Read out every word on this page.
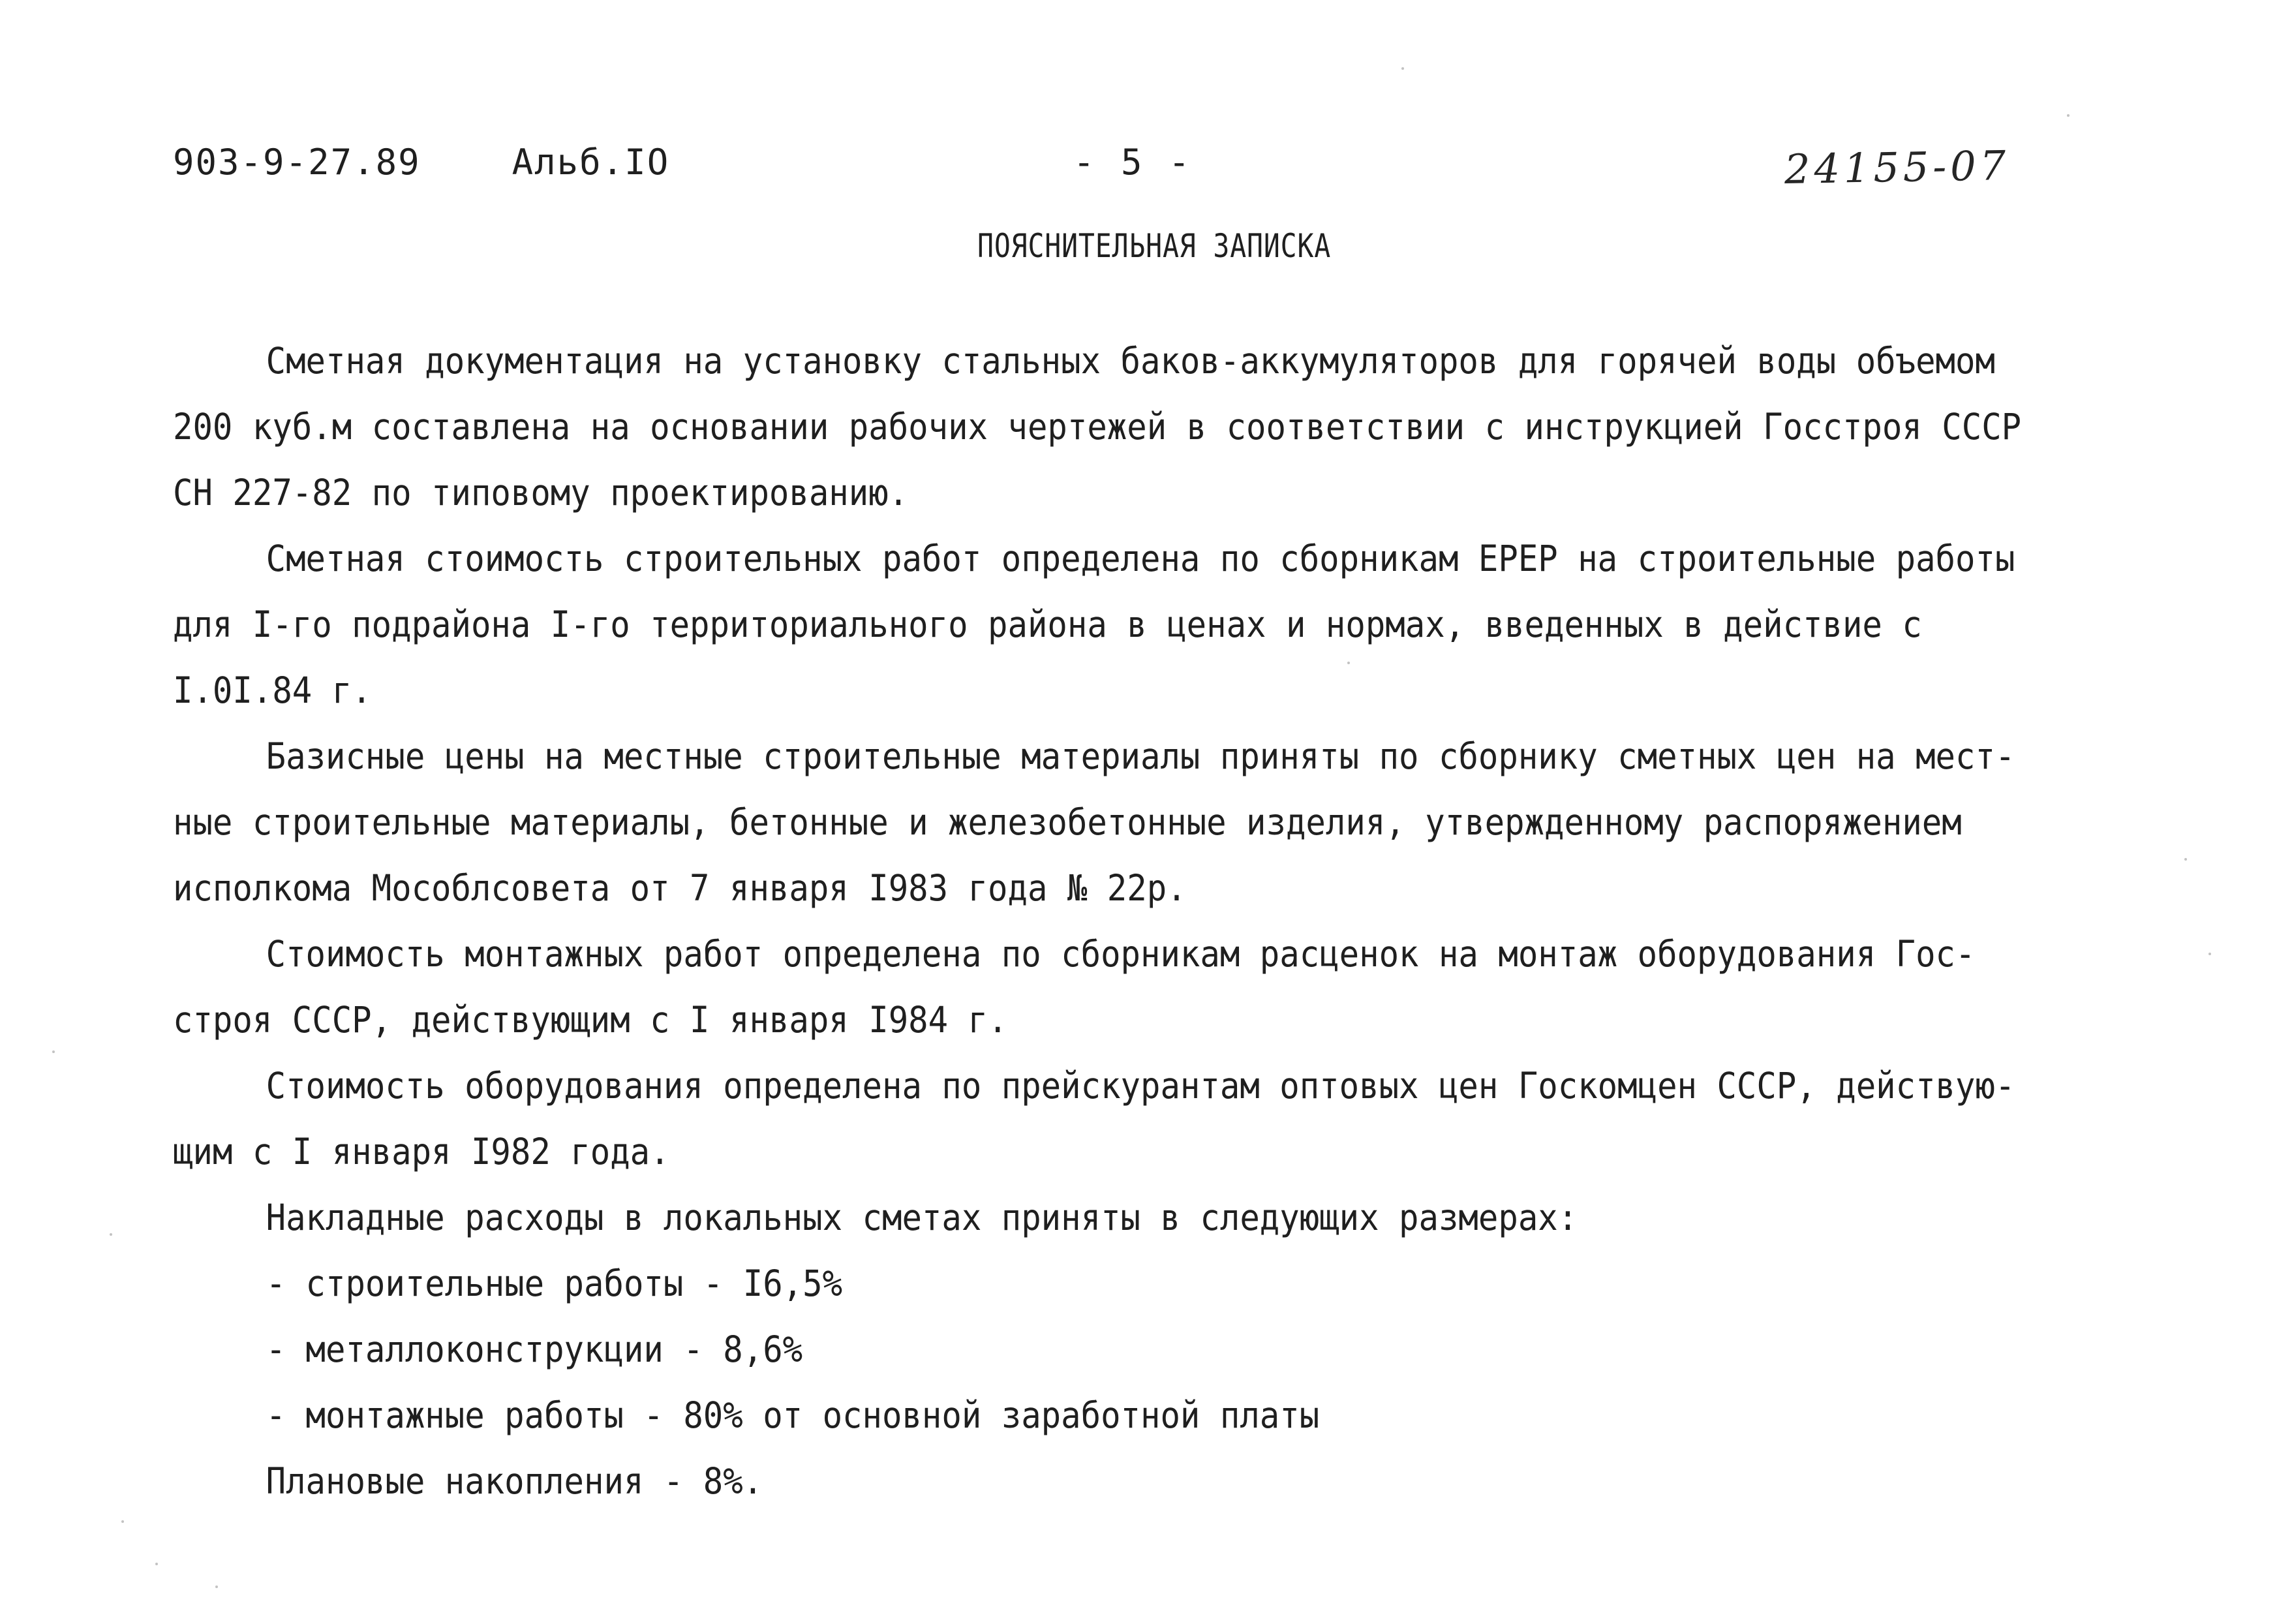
903-9-27.89	Альб.IO	- 5 -	24155-07
ПОЯСНИТЕЛЬНАЯ ЗАПИСКА
Сметная документация на установку стальных баков-аккумуляторов для горячей воды объемом
200 куб.м составлена на основании рабочих чертежей в соответствии с инструкцией Госстроя СССР
СН 227-82 по типовому проектированию.
Сметная стоимость строительных работ определена по сборникам ЕРЕР на строительные работы
для I-го подрайона I-го территориального района в ценах и нормах, введенных в действие с
I.0I.84 г.
Базисные цены на местные строительные материалы приняты по сборнику сметных цен на мест-
ные строительные материалы, бетонные и железобетонные изделия, утвержденному распоряжением
исполкома Мособлсовета от 7 января I983 года № 22р.
Стоимость монтажных работ определена по сборникам расценок на монтаж оборудования Гос-
строя СССР, действующим с I января I984 г.
Стоимость оборудования определена по прейскурантам оптовых цен Госкомцен СССР, действую-
щим с I января I982 года.
Накладные расходы в локальных сметах приняты в следующих размерах:
- строительные работы - I6,5%
- металлоконструкции - 8,6%
- монтажные работы - 80% от основной заработной платы
Плановые накопления - 8%.
